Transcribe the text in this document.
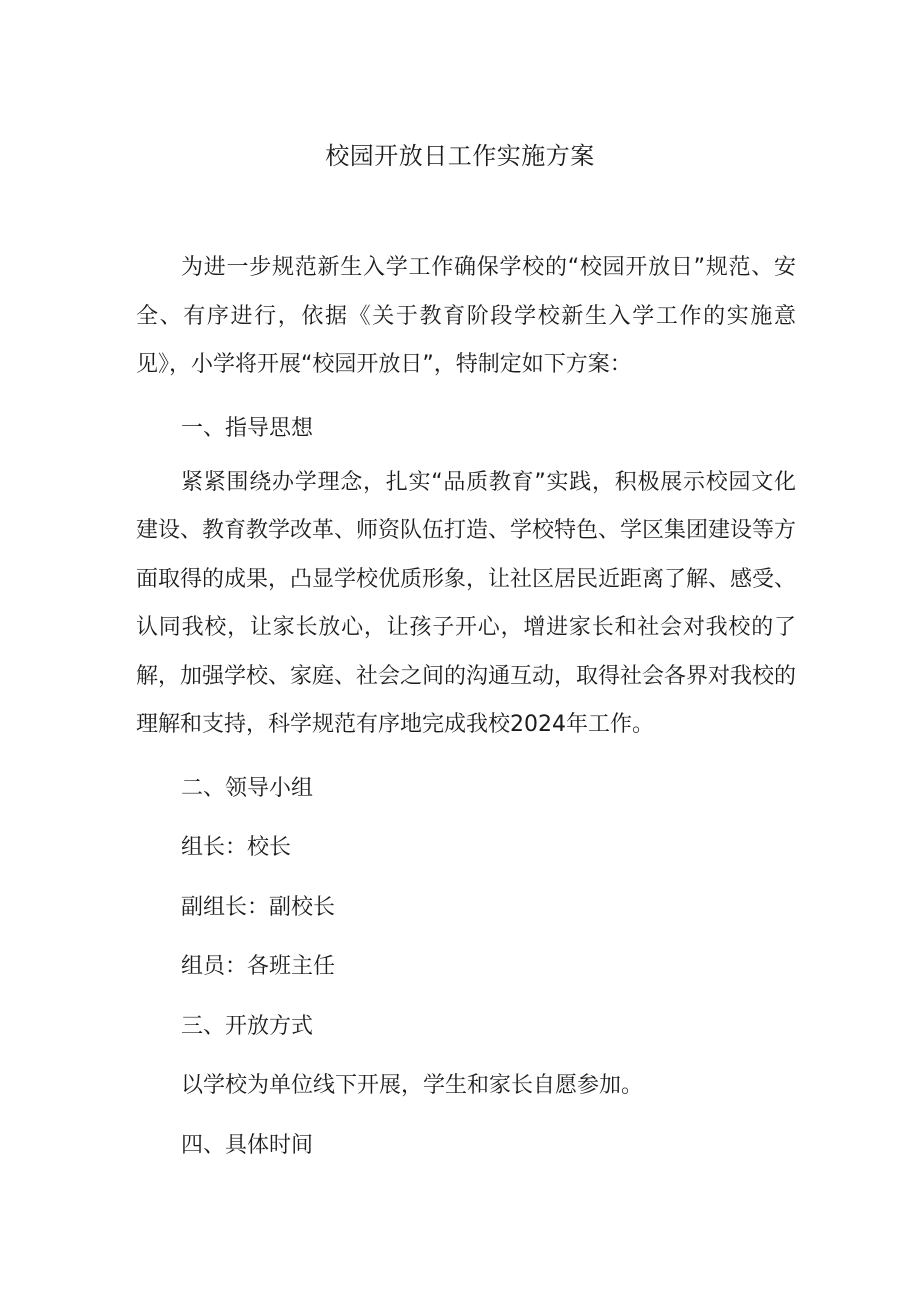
校园开放日工作实施方案

为进一步规范新生入学工作确保学校的“校园开放日”规范、安全、有序进行，依据《关于教育阶段学校新生入学工作的实施意见》，小学将开展“校园开放日”，特制定如下方案：

一、指导思想

紧紧围绕办学理念，扎实“品质教育”实践，积极展示校园文化建设、教育教学改革、师资队伍打造、学校特色、学区集团建设等方面取得的成果，凸显学校优质形象，让社区居民近距离了解、感受、认同我校，让家长放心，让孩子开心，增进家长和社会对我校的了解，加强学校、家庭、社会之间的沟通互动，取得社会各界对我校的理解和支持，科学规范有序地完成我校2024年工作。

二、领导小组

组长：校长

副组长：副校长

组员：各班主任

三、开放方式

以学校为单位线下开展，学生和家长自愿参加。

四、具体时间
